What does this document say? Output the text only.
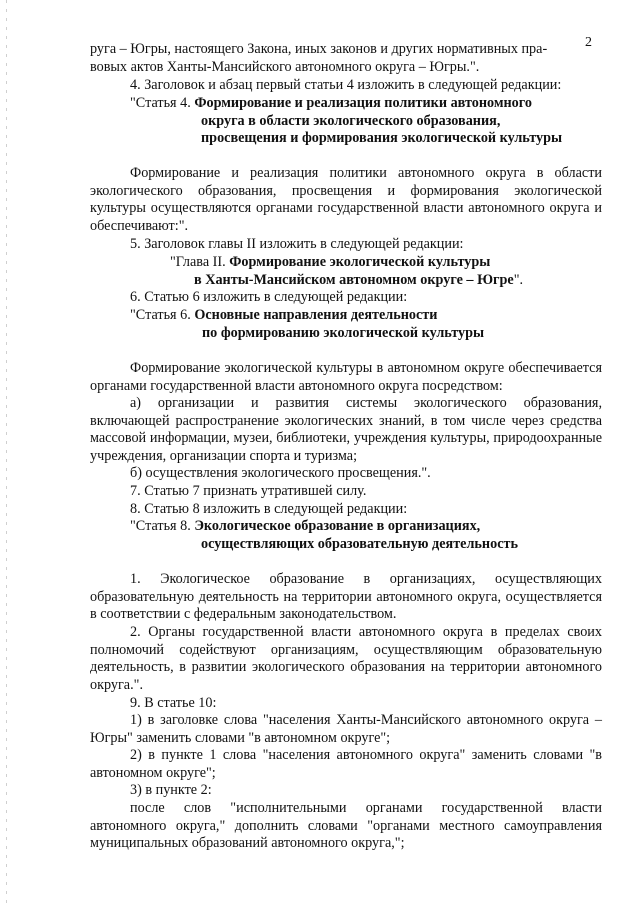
2
руга – Югры, настоящего Закона, иных законов и других нормативных пра-
вовых актов Ханты-Мансийского автономного округа – Югры.".
4. Заголовок и абзац первый статьи 4 изложить в следующей редакции:
"Статья 4. Формирование и реализация политики автономного
округа в области экологического образования,
просвещения и формирования экологической культуры
Формирование и реализация политики автономного округа в области экологического образования, просвещения и формирования экологической культуры осуществляются органами государственной власти автономного округа и обеспечивают:".
5. Заголовок главы II изложить в следующей редакции:
"Глава II. Формирование экологической культуры
в Ханты-Мансийском автономном округе – Югре".
6. Статью 6 изложить в следующей редакции:
"Статья 6. Основные направления деятельности
по формированию экологической культуры
Формирование экологической культуры в автономном округе обеспечивается органами государственной власти автономного округа посредством:
а) организации и развития системы экологического образования, включающей распространение экологических знаний, в том числе через средства массовой информации, музеи, библиотеки, учреждения культуры, природоохранные учреждения, организации спорта и туризма;
б) осуществления экологического просвещения.".
7. Статью 7 признать утратившей силу.
8. Статью 8 изложить в следующей редакции:
"Статья 8. Экологическое образование в организациях,
осуществляющих образовательную деятельность
1. Экологическое образование в организациях, осуществляющих образовательную деятельность на территории автономного округа, осуществляется в соответствии с федеральным законодательством.
2. Органы государственной власти автономного округа в пределах своих полномочий содействуют организациям, осуществляющим образовательную деятельность, в развитии экологического образования на территории автономного округа.".
9. В статье 10:
1) в заголовке слова "населения Ханты-Мансийского автономного округа – Югры" заменить словами "в автономном округе";
2) в пункте 1 слова "населения автономного округа" заменить словами "в автономном округе";
3) в пункте 2:
после слов "исполнительными органами государственной власти автономного округа," дополнить словами "органами местного самоуправления муниципальных образований автономного округа,";
